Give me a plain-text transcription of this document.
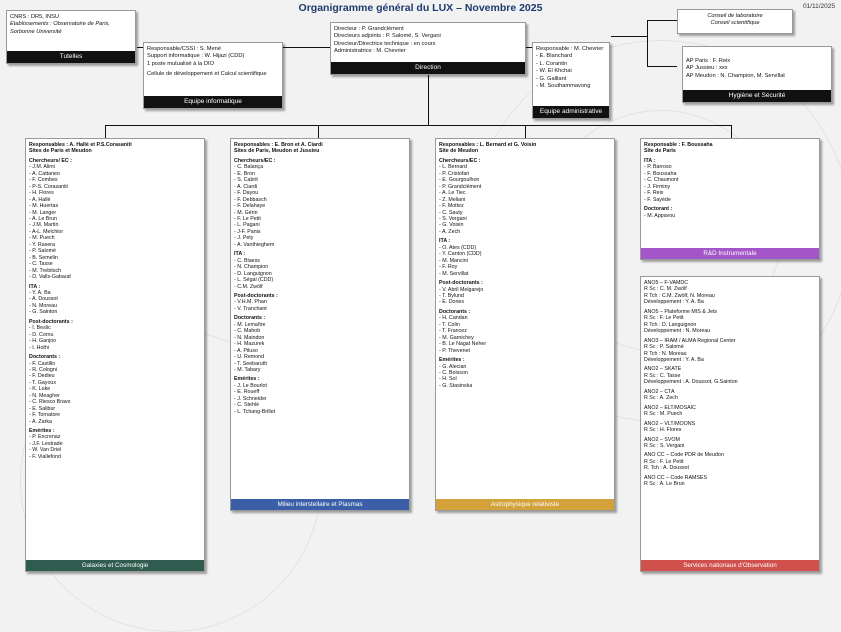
Organigramme général du LUX – Novembre 2025	01/11/2025
CNRS : DR5, INSU
Etablissements : Observatoire de Paris, Sorbonne Université
Tutelles
Responsable/CSSI : S. Mené
Support informatique : W. Hijazi (CDD)
1 poste mutualisé à la DIO
Cellule de développement et Calcul scientifique
Equipe informatique
Directeur : P. Grandclément
Directeurs adjoints : P. Salomé, S. Vergani
Directeur/Directrice technique : en cours
Administratrice : M. Chevrier
Direction
Responsable : M. Chevrier
- E. Blanchard
- L. Corantin
- W. El Khchai
- G. Gaillant
- M. Southammavong
Equipe administrative
Conseil de laboratoire
Conseil scientifique
AP Paris : F. Reix
AP Jussieu : xxx
AP Meudon : N. Champion, M. Servillat
Hygiène et Sécurité
Responsables : A. Hallé et P.S.Corasaniti
Sites de Paris et Meudon
Chercheurs/ EC :
- J.M. Alimi
- A. Cattaneo
- F. Combes
- P-S. Corasaniti
- H. Flores
- A. Hallé
- M. Huertas
- M. Langer
- A. Le Brun
- J.M. Martin
- A-L. Melchior
- M. Puech
- Y. Rasera
- P. Salomé
- B. Semelin
- C. Tasse
- M. Trebitsch
- D. Valls-Gabaud
ITA :
- Y. A. Ba
- A. Doussot
- N. Moreau
- G. Sainton
Post-doctorants :
- I. Beslic
- D. Cornu
- H. Ganjoo
- I. Hothi
Doctorants :
- F. Castillo
- R. Cologni
- F. Dedieu
- T. Gayoux
- K. Luke
- N. Meagher
- C. Riesco Bravo
- E. Salibur
- F. Tornatore
- A. Zarka
Emérites :
- P. Encrenaz
- J.F. Lestrade
- W. Van Driel
- F. Viallefond
Galaxies et Cosmologie
Responsables : E. Bron et A. Ciardi
Sites de Paris, Meudon et Jussieu
Chercheurs/EC :
- C. Balança
- E. Bron
- S. Cabrit
- A. Ciardi
- F. Dayou
- F. Debbasch
- F. Delahaye
- M. Gérin
- F. Le Petit
- L. Pagani
- J-F. Panis
- J. Pety
- A. Vanthieghem
ITA :
- C. Blaess
- N. Champion
- D. Languignon
- L. Ségal (CDD)
- C.M. Zwölf
Post-doctorants :
- V.H.M. Phan
- V. Tranchant
Doctorants :
- M. Lemaître
- C. Mahob
- N. Maindon
- H. Mazurek
- A. Piluso
- U. Remond
- T. Seebaruth
- M. Tabary
Emérites :
- J. Le Bourlot
- E. Roueff
- J. Schneider
- C. Stehlé
- L. Tchang-Brillet
Milieu interstellaire et Plasmas
Responsables : L. Bernard et G. Voisin
Site de Meudon
Chercheurs/EC :
- L. Bernard
- P. Cristofari
- E. Gourgoulhon
- P. Grandclément
- A. Le Tiec
- Z. Meliani
- F. Mottez
- C. Sauty
- S. Vergani
- G. Voisin
- A. Zech
ITA :
- O. Ates (CDD)
- Y. Canton (CDD)
- M. Mancini
- F. Roy
- M. Servillat
Post-doctorants :
- V. Abril Melgarejo
- T. Bylund
- E. Dones
Doctorants :
- H. Candan
- T. Colin
- T. Francez
- M. Garnichey
- B. Le Nagat Neher
- P. Thevenet
Emérites :
- G. Alecian
- C. Boisson
- H. Sol
- G. Stasinska
Astrophysique relativiste
Responsable : F. Boussaha
Site de Paris
ITA :
- P. Barroso
- F. Boussaha
- C. Chaumont
- J. Firminy
- F. Reix
- F. Sayède
Doctorant :
- M. Appavou
R&D Instrumentale
ANO5 – F-VAMDC
R Sc : C. M. Zwölf
R Tch : C.M. Zwölf, N. Moreau
Développement : Y. A. Ba
ANO5 – Plateforme MIS & Jets
R Sc : F. Le Petit
R Tch : D. Languignon
Développement : N. Moreau
ANO3 – IRAM / ALMA Regional Center
R Sc : P. Salomé
R Tch : N. Moreau
Développement : Y. A. Ba
ANO2 – SKATE
R Sc : C. Tasse
Développement : A. Doussot, G.Sainton
ANO2 – CTA
R Sc : A. Zech
ANO2 – ELT/MOSAIC
R Sc : M. Puech
ANO2 – VLT/MOONS
R Sc : H. Flores
ANO2 – SVOM
R Sc : S. Vergani
ANO CC – Code PDR de Meudon
R Sc : F. Le Petit
R. Tch : A. Doussot
ANO CC – Code RAMSES
R Sc : A. Le Brun
Services nationaux d'Observation
